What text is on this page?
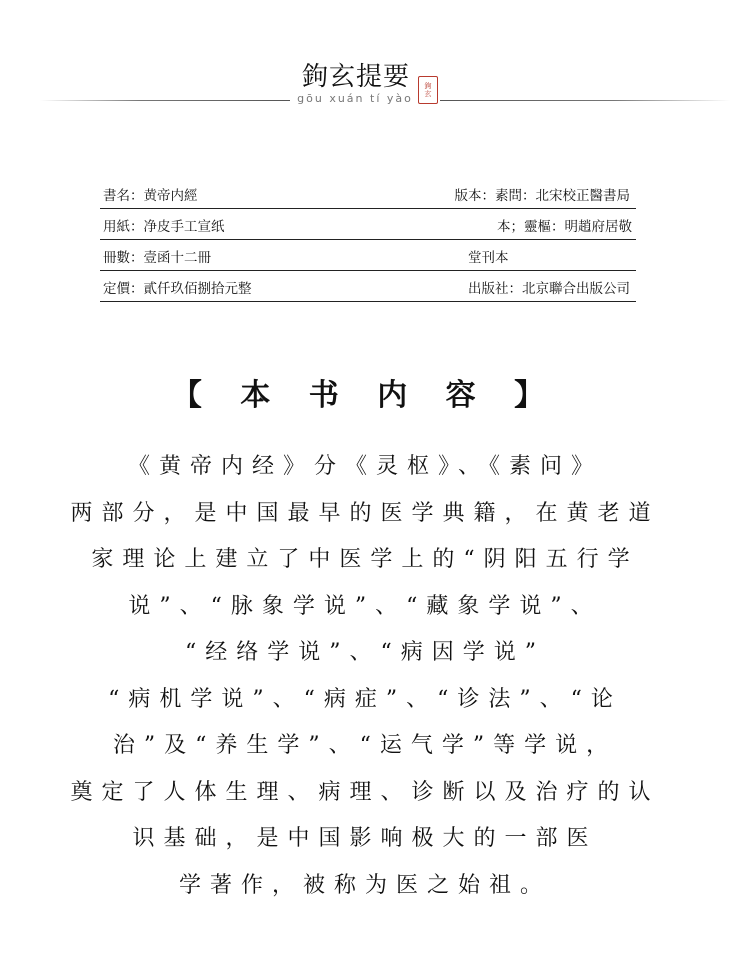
鉤玄提要
gōu xuán tí yào
鉤
玄
書名：黄帝内經	版本：素問：北宋校正醫書局
用紙：净皮手工宣纸	本；靈樞：明趙府居敬
冊數：壹函十二冊	堂刊本
定價：貳仟玖佰捌拾元整	出版社：北京聯合出版公司
【 本 书 内 容 】
《黄帝内经》分《灵枢》、《素问》
两部分，是中国最早的医学典籍，在黄老道
家理论上建立了中医学上的“阴阳五行学
说”、“脉象学说”、“藏象学说”、
“经络学说”、“病因学说”
“病机学说”、“病症”、“诊法”、“论
治”及“养生学”、“运气学”等学说，
奠定了人体生理、病理、诊断以及治疗的认
识基础，是中国影响极大的一部医
学著作，被称为医之始祖。
